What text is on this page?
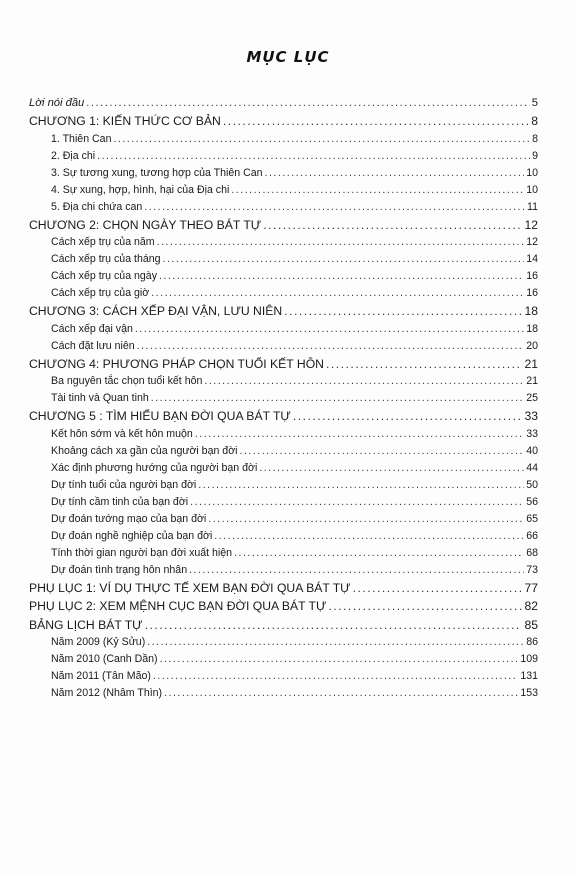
MỤC LỤC
Lời nói đầu .....	5
CHƯƠNG 1: KIẾN THỨC CƠ BẢN .....	8
1. Thiên Can .....	8
2. Địa chi .....	9
3. Sự tương xung, tương hợp của Thiên Can .....	10
4. Sự xung, hợp, hình, hại của Địa chi .....	10
5. Địa chi chứa can .....	11
CHƯƠNG 2: CHỌN NGÀY THEO BÁT TỰ .....	12
Cách xếp trụ của năm .....	12
Cách xếp trụ của tháng .....	14
Cách xếp trụ của ngày .....	16
Cách xếp trụ của giờ .....	16
CHƯƠNG 3: CÁCH XẾP ĐẠI VẬN, LƯU NIÊN .....	18
Cách xếp đại vận .....	18
Cách đặt lưu niên .....	20
CHƯƠNG 4: PHƯƠNG PHÁP CHỌN TUỔI KẾT HÔN .....	21
Ba nguyên tắc chọn tuổi kết hôn .....	21
Tài tinh và Quan tinh .....	25
CHƯƠNG 5 : TÌM HIỂU BẠN ĐỜI QUA BÁT TỰ .....	33
Kết hôn sớm và kết hôn muộn .....	33
Khoảng cách xa gần của người bạn đời .....	40
Xác định phương hướng của người bạn đời .....	44
Dự tính tuổi của người bạn đời .....	50
Dự tính cầm tinh của bạn đời .....	56
Dự đoán tướng mạo của bạn đời .....	65
Dự đoán nghề nghiệp của bạn đời .....	66
Tính thời gian người bạn đời xuất hiện .....	68
Dự đoán tình trạng hôn nhân .....	73
PHỤ LỤC 1: VÍ DỤ THỰC TẾ XEM BẠN ĐỜI QUA BÁT TỰ .....	77
PHỤ LỤC 2: XEM MỆNH CỤC BẠN ĐỜI QUA BÁT TỰ .....	82
BẢNG LỊCH BÁT TỰ .....	85
Năm 2009 (Kỷ Sửu) .....	86
Năm 2010 (Canh Dần) .....	109
Năm 2011 (Tân Mão) .....	131
Năm 2012 (Nhâm Thìn) .....	153
